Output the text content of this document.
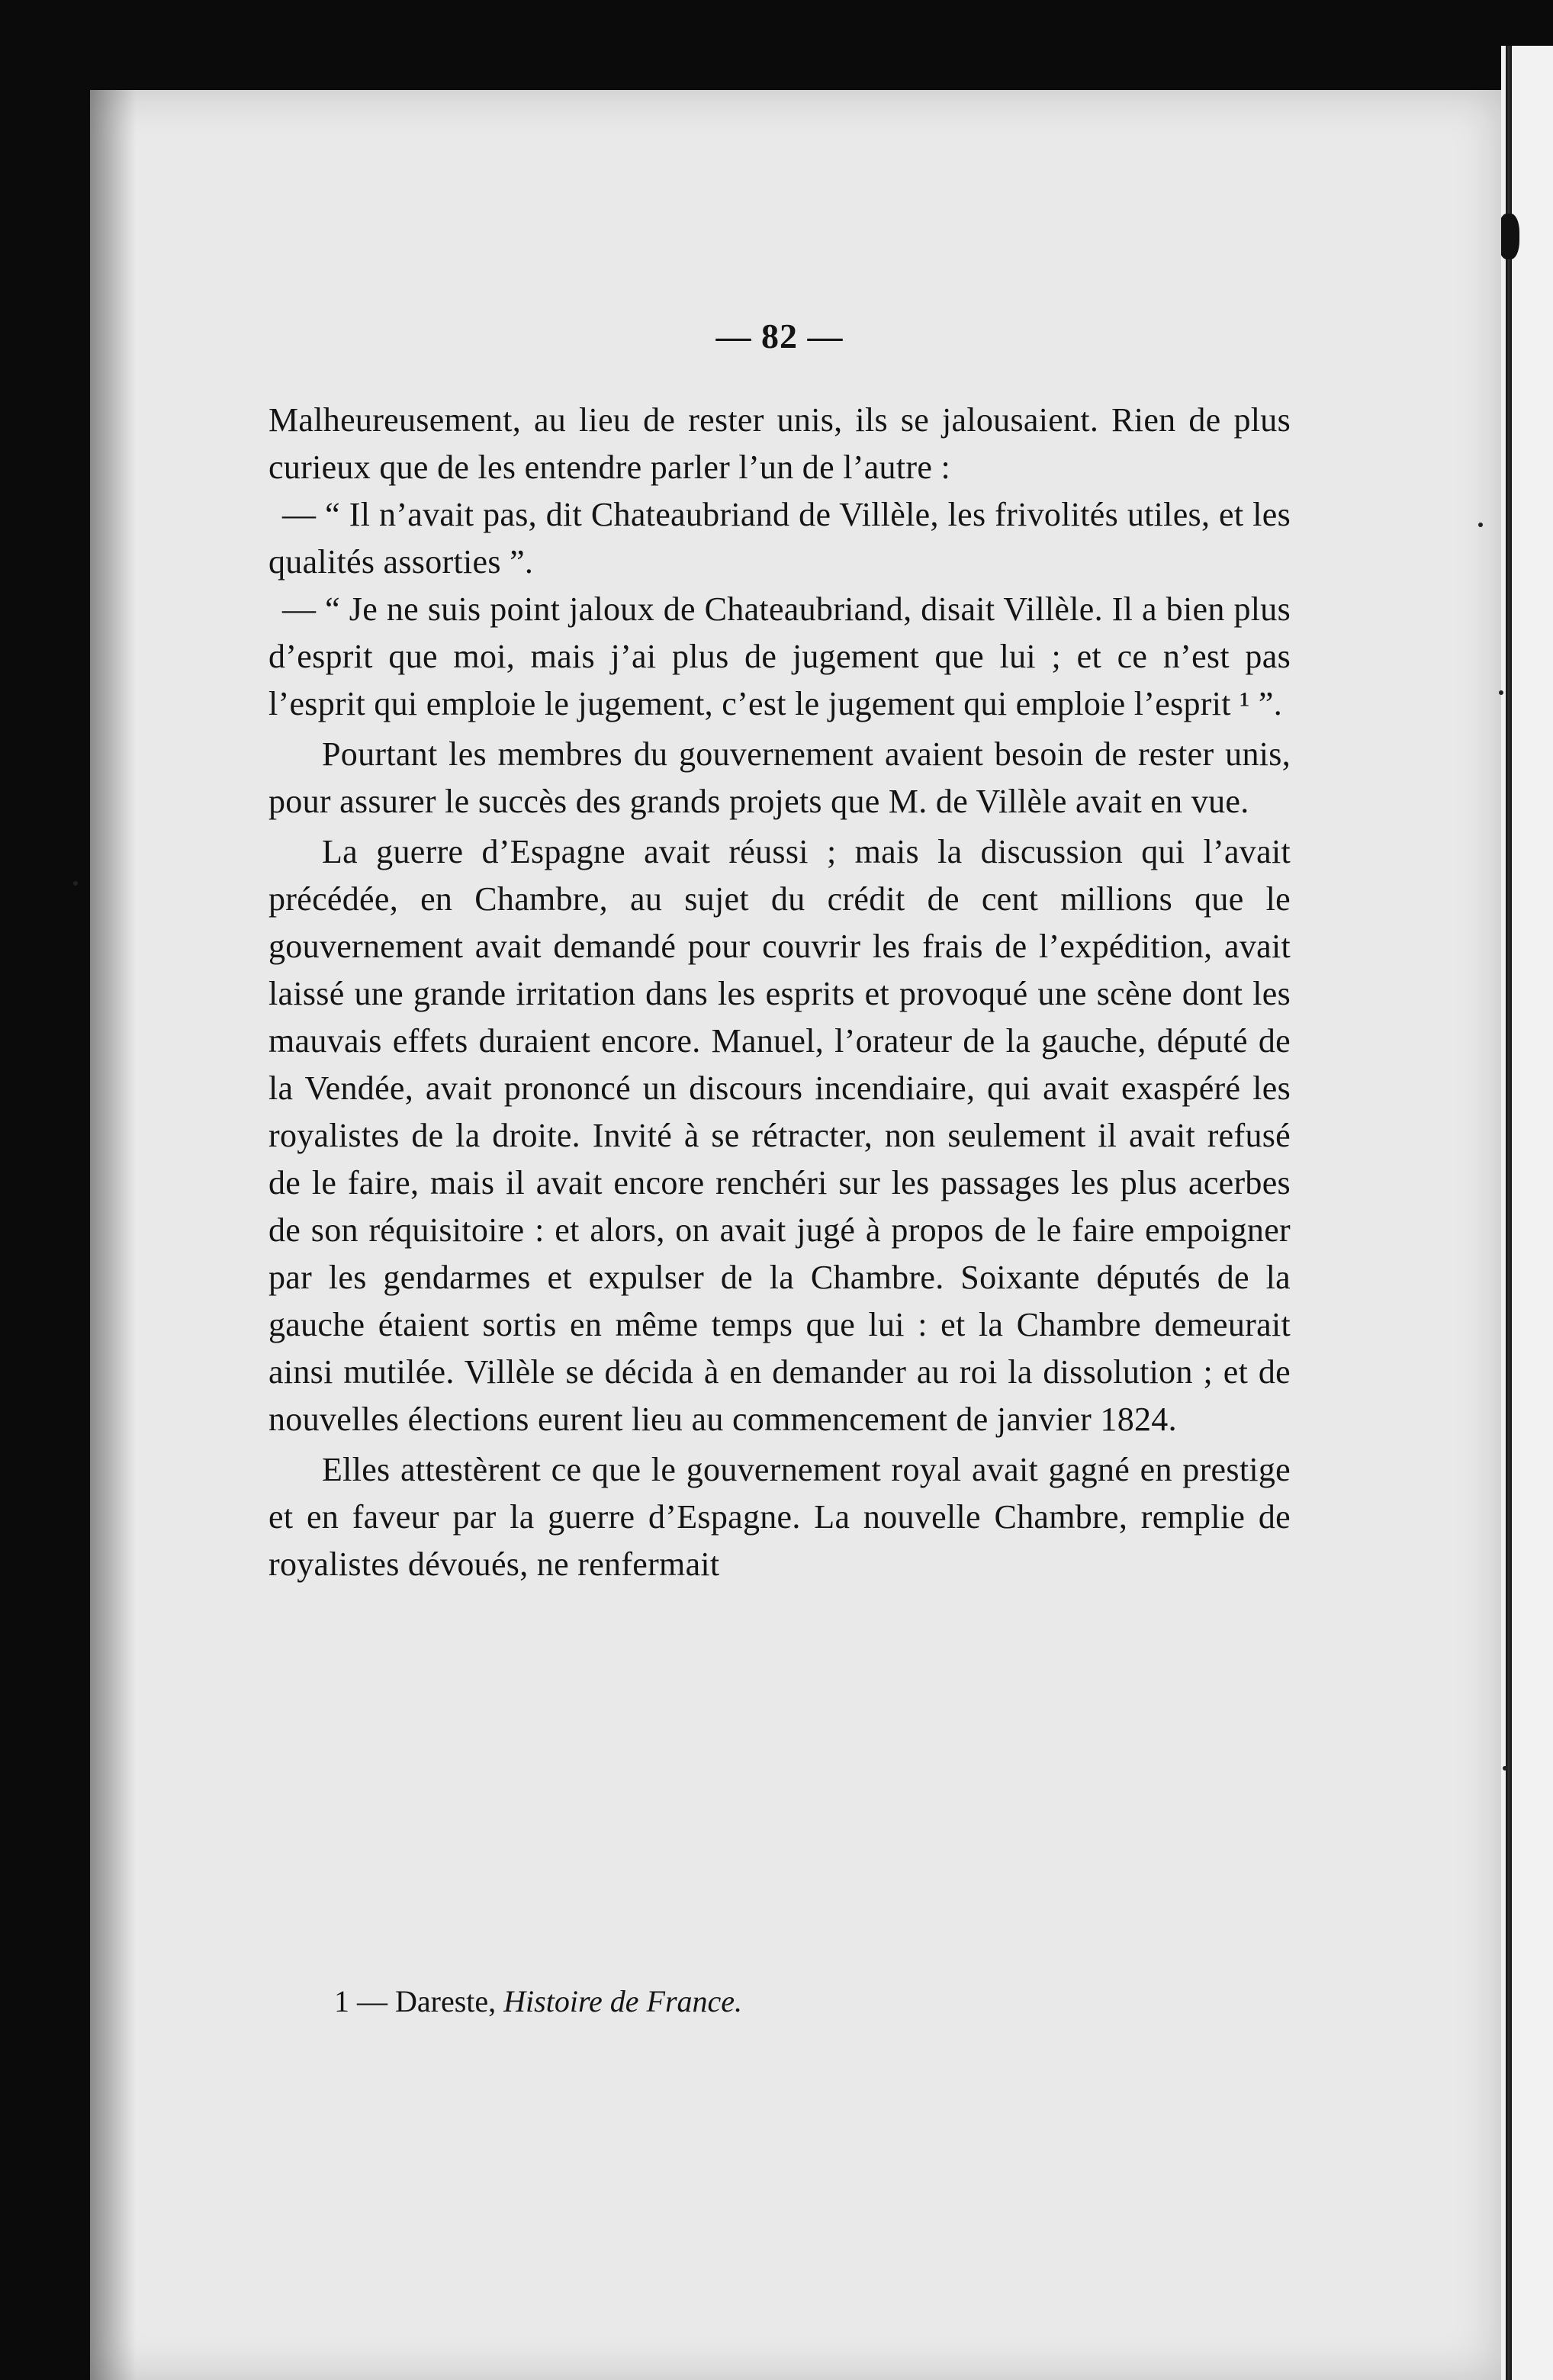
— 82 —

Malheureusement, au lieu de rester unis, ils se jalousaient. Rien de plus curieux que de les entendre parler l’un de l’autre :

— “ Il n’avait pas, dit Chateaubriand de Villèle, les frivolités utiles, et les qualités assorties ”.

— “ Je ne suis point jaloux de Chateaubriand, disait Villèle. Il a bien plus d’esprit que moi, mais j’ai plus de jugement que lui ; et ce n’est pas l’esprit qui emploie le jugement, c’est le jugement qui emploie l’esprit ¹ ”.

Pourtant les membres du gouvernement avaient besoin de rester unis, pour assurer le succès des grands projets que M. de Villèle avait en vue.

La guerre d’Espagne avait réussi ; mais la discussion qui l’avait précédée, en Chambre, au sujet du crédit de cent millions que le gouvernement avait demandé pour couvrir les frais de l’expédition, avait laissé une grande irritation dans les esprits et provoqué une scène dont les mauvais effets duraient encore. Manuel, l’orateur de la gauche, député de la Vendée, avait prononcé un discours incendiaire, qui avait exaspéré les royalistes de la droite. Invité à se rétracter, non seulement il avait refusé de le faire, mais il avait encore renchéri sur les passages les plus acerbes de son réquisitoire : et alors, on avait jugé à propos de le faire empoigner par les gendarmes et expulser de la Chambre. Soixante députés de la gauche étaient sortis en même temps que lui : et la Chambre demeurait ainsi mutilée. Villèle se décida à en demander au roi la dissolution ; et de nouvelles élections eurent lieu au commencement de janvier 1824.

Elles attestèrent ce que le gouvernement royal avait gagné en prestige et en faveur par la guerre d’Espagne. La nouvelle Chambre, remplie de royalistes dévoués, ne renfermait

1 — Dareste, Histoire de France.
